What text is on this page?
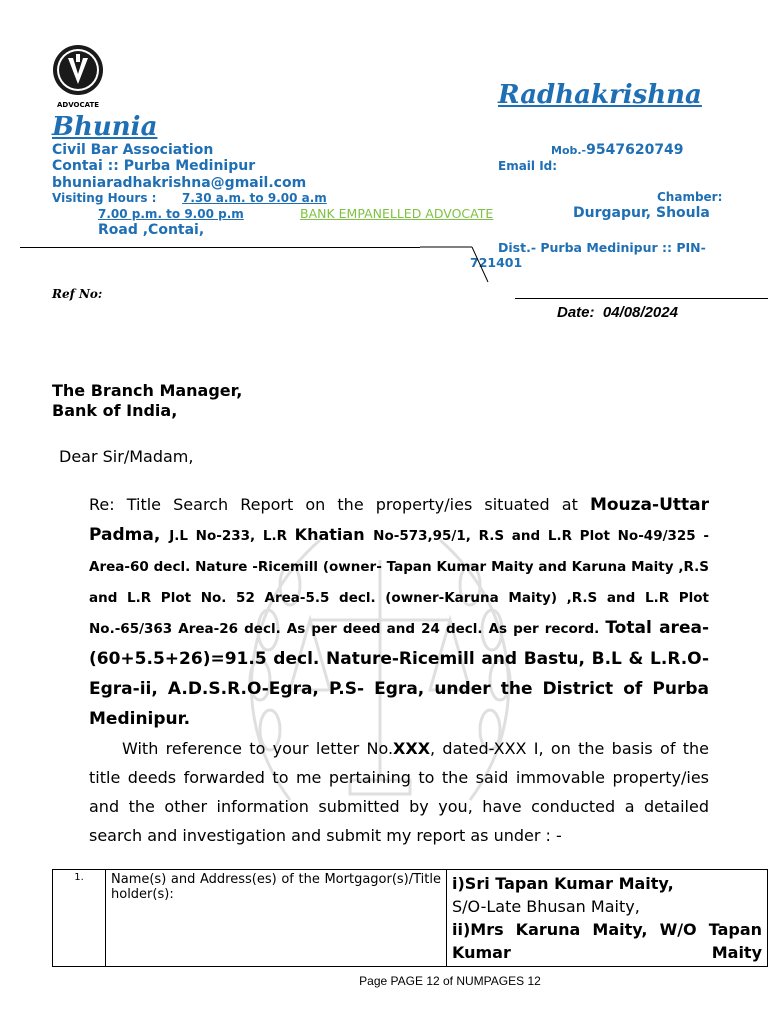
ADVOCATE	Radhakrishna
Bhunia
Civil Bar Association
Contai :: Purba Medinipur
bhuniaradhakrishna@gmail.com
Visiting Hours : 7.30 a.m. to 9.00 a.m
7.00 p.m. to 9.00 p.m	BANK EMPANELLED ADVOCATE
Road ,Contai,
Mob.-9547620749
Email Id:
Chamber:
Durgapur, Shoula
Dist.- Purba Medinipur :: PIN-
721401
Ref No:
Date: 04/08/2024
The Branch Manager,
Bank of India,
Dear Sir/Madam,
Re: Title Search Report on the property/ies situated at Mouza-Uttar Padma, J.L No-233, L.R Khatian No-573,95/1, R.S and L.R Plot No-49/325 - Area-60 decl. Nature -Ricemill (owner- Tapan Kumar Maity and Karuna Maity ,R.S and L.R Plot No. 52 Area-5.5 decl. (owner-Karuna Maity) ,R.S and L.R Plot No.-65/363 Area-26 decl. As per deed and 24 decl. As per record. Total area-(60+5.5+26)=91.5 decl. Nature-Ricemill and Bastu, B.L & L.R.O- Egra-ii, A.D.S.R.O-Egra, P.S- Egra, under the District of Purba Medinipur.
With reference to your letter No.XXX, dated-XXX I, on the basis of the title deeds forwarded to me pertaining to the said immovable property/ies and the other information submitted by you, have conducted a detailed search and investigation and submit my report as under : -
1.	Name(s) and Address(es) of the Mortgagor(s)/Title holder(s):	
i)Sri Tapan Kumar Maity,
S/O-Late Bhusan Maity,
ii)Mrs Karuna Maity, W/O Tapan Kumar Maity
Page PAGE 12 of NUMPAGES 12
